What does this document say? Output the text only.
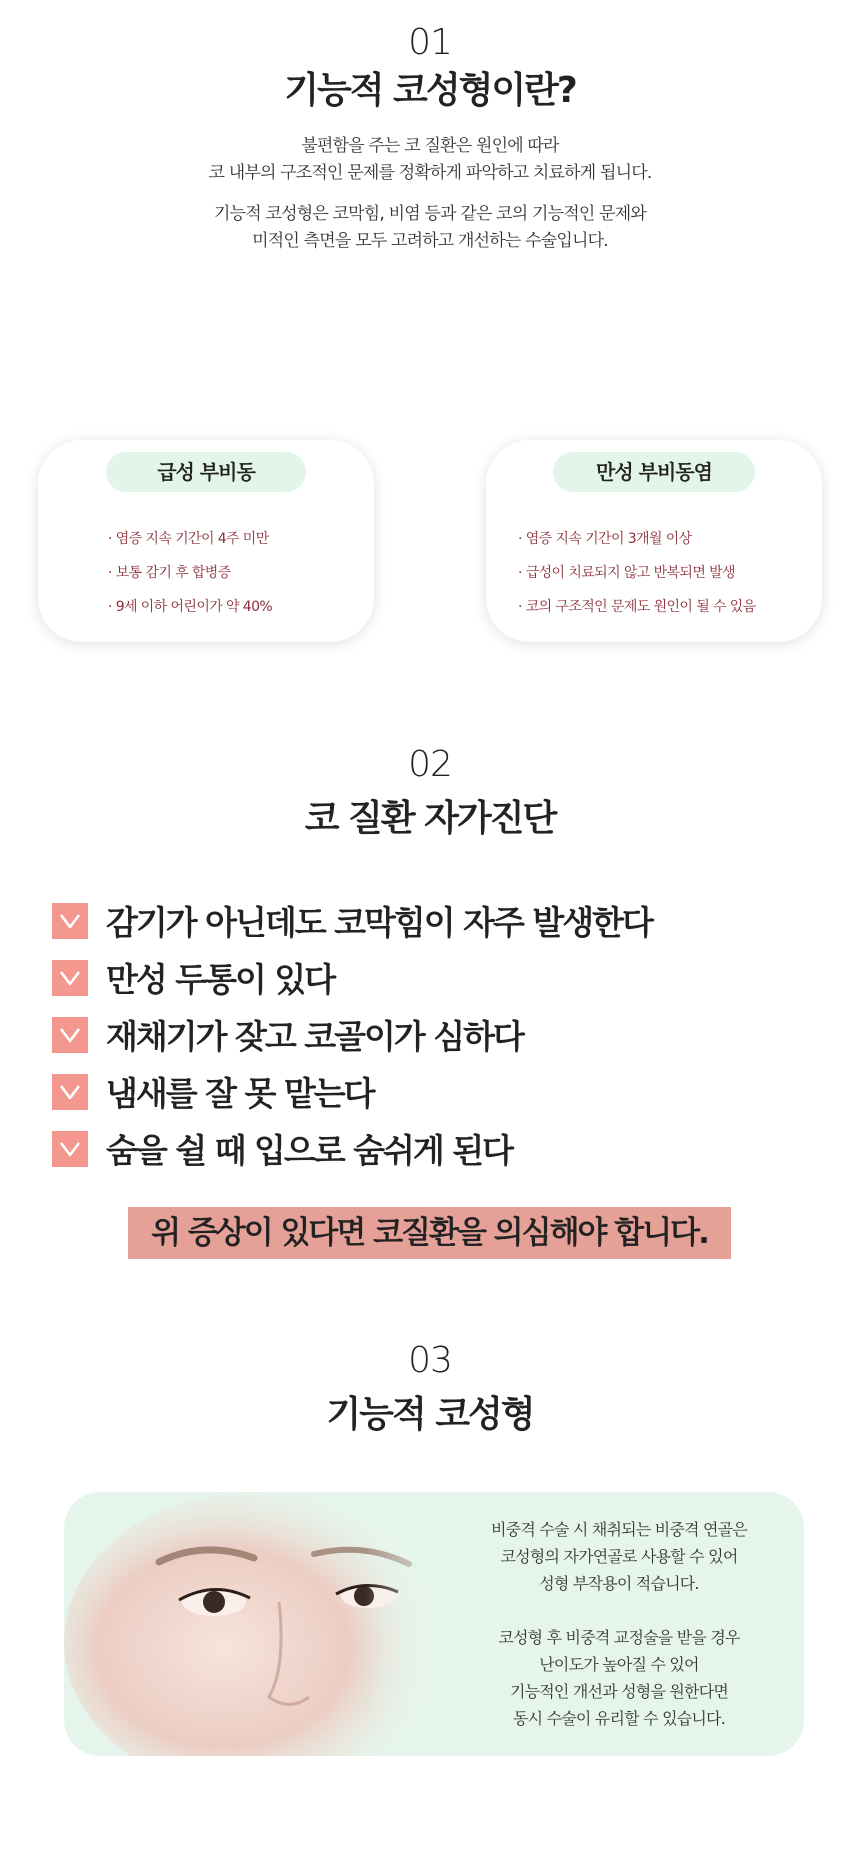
01
기능적 코성형이란?
불편함을 주는 코 질환은 원인에 따라
코 내부의 구조적인 문제를 정확하게 파악하고 치료하게 됩니다.
기능적 코성형은 코막힘, 비염 등과 같은 코의 기능적인 문제와
미적인 측면을 모두 고려하고 개선하는 수술입니다.
급성 부비동
· 염증 지속 기간이 4주 미만
· 보통 감기 후 합병증
· 9세 이하 어린이가 약 40%
만성 부비동염
· 염증 지속 기간이 3개월 이상
· 급성이 치료되지 않고 반복되면 발생
· 코의 구조적인 문제도 원인이 될 수 있음
02
코 질환 자가진단
감기가 아닌데도 코막힘이 자주 발생한다
만성 두통이 있다
재채기가 잦고 코골이가 심하다
냄새를 잘 못 맡는다
숨을 쉴 때 입으로 숨쉬게 된다
위 증상이 있다면 코질환을 의심해야 합니다.
03
기능적 코성형
비중격 수술 시 채취되는 비중격 연골은
코성형의 자가연골로 사용할 수 있어
성형 부작용이 적습니다.
코성형 후 비중격 교정술을 받을 경우
난이도가 높아질 수 있어
기능적인 개선과 성형을 원한다면
동시 수술이 유리할 수 있습니다.
